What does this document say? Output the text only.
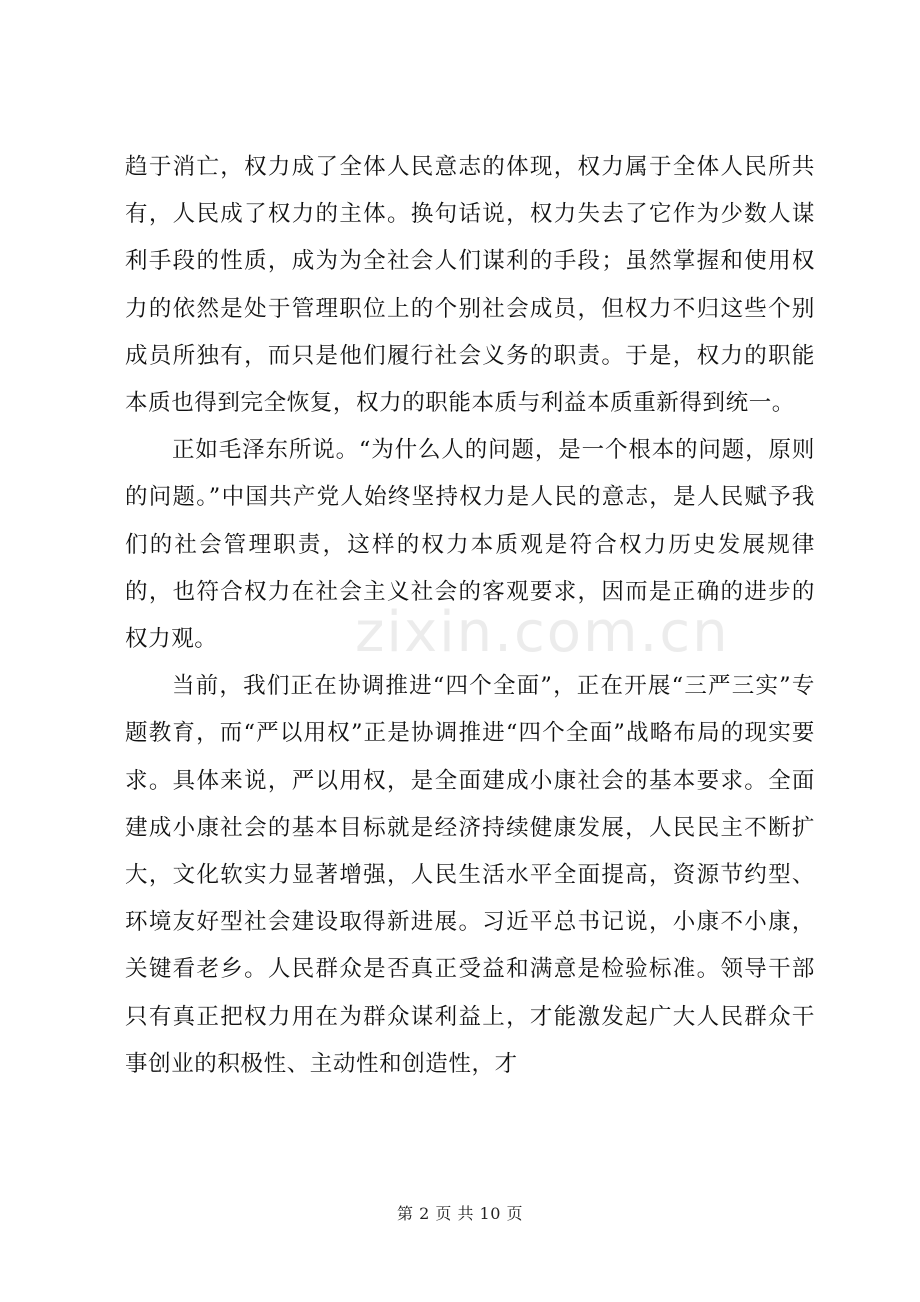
趋于消亡，权力成了全体人民意志的体现，权力属于全体人民所共有，人民成了权力的主体。换句话说，权力失去了它作为少数人谋利手段的性质，成为为全社会人们谋利的手段；虽然掌握和使用权力的依然是处于管理职位上的个别社会成员，但权力不归这些个别成员所独有，而只是他们履行社会义务的职责。于是，权力的职能本质也得到完全恢复，权力的职能本质与利益本质重新得到统一。

正如毛泽东所说。“为什么人的问题，是一个根本的问题，原则的问题。”中国共产党人始终坚持权力是人民的意志，是人民赋予我们的社会管理职责，这样的权力本质观是符合权力历史发展规律的，也符合权力在社会主义社会的客观要求，因而是正确的进步的权力观。

当前，我们正在协调推进“四个全面”，正在开展“三严三实”专题教育，而“严以用权”正是协调推进“四个全面”战略布局的现实要求。具体来说，严以用权，是全面建成小康社会的基本要求。全面建成小康社会的基本目标就是经济持续健康发展，人民民主不断扩大，文化软实力显著增强，人民生活水平全面提高，资源节约型、环境友好型社会建设取得新进展。习近平总书记说，小康不小康，关键看老乡。人民群众是否真正受益和满意是检验标准。领导干部只有真正把权力用在为群众谋利益上，才能激发起广大人民群众干事创业的积极性、主动性和创造性，才

zixin.com.cn
第 2 页 共 10 页
